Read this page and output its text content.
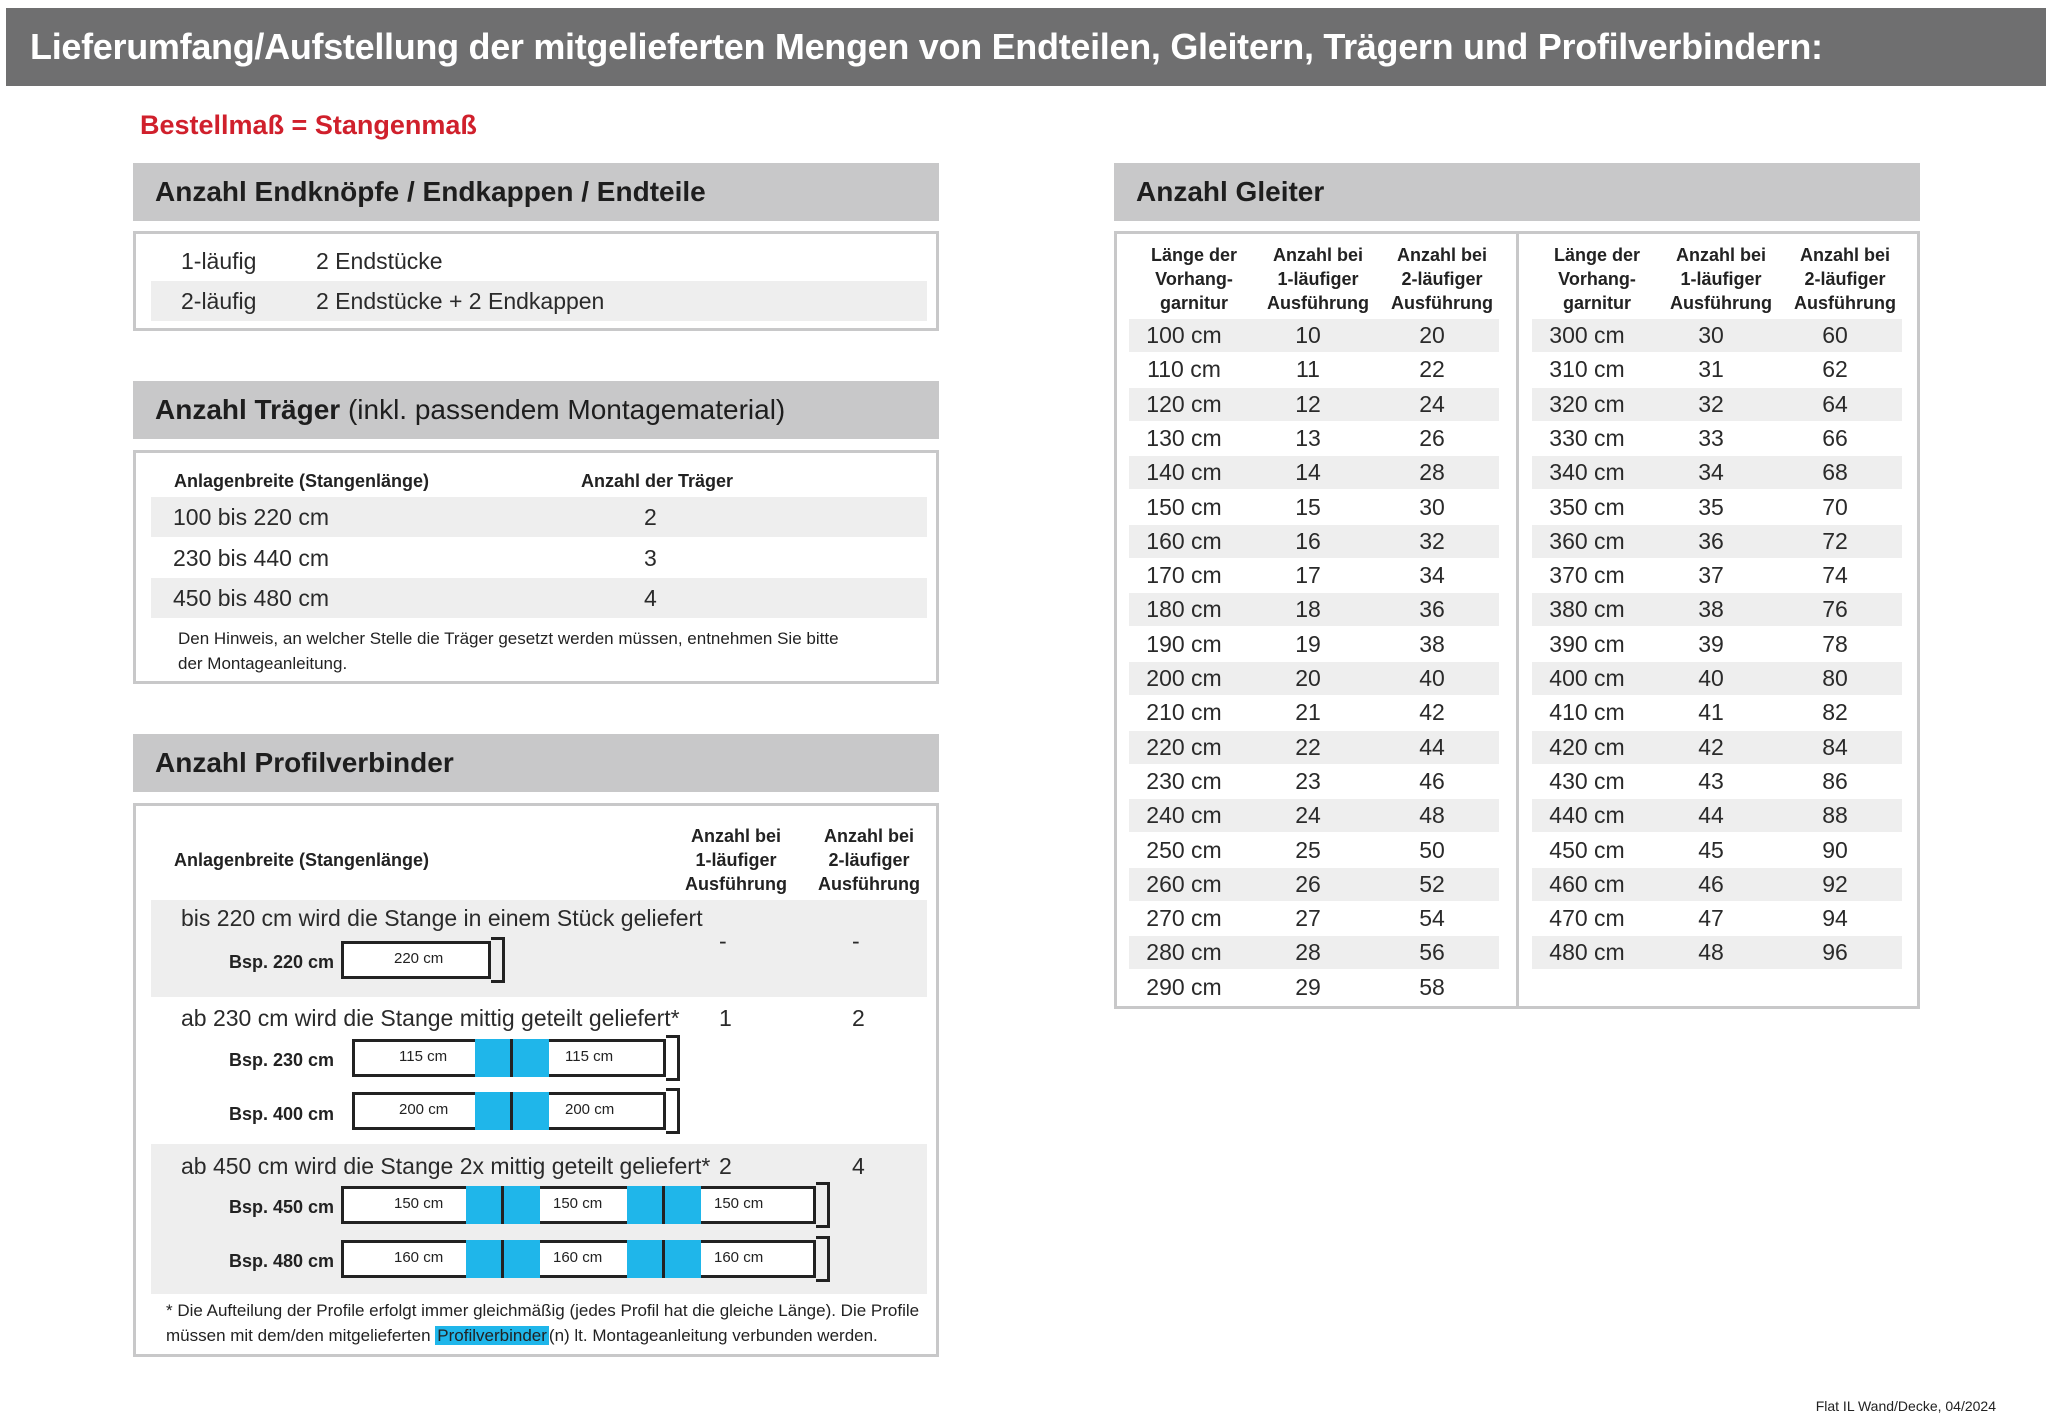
Lieferumfang/Aufstellung der mitgelieferten Mengen von Endteilen, Gleitern, Trägern und Profilverbindern:
Bestellmaß = Stangenmaß
Anzahl Endknöpfe / Endkappen / Endteile
1-läufig	2 Endstücke
2-läufig	2 Endstücke + 2 Endkappen
Anzahl Träger (inkl. passendem Montagematerial)
Anlagenbreite (Stangenlänge)	Anzahl der Träger
100 bis 220 cm	2
230 bis 440 cm	3
450 bis 480 cm	4
Den Hinweis, an welcher Stelle die Träger gesetzt werden müssen, entnehmen Sie bitte
der Montageanleitung.
Anzahl Profilverbinder
Anlagenbreite (Stangenlänge)
Anzahl bei
1-läufiger
Ausführung
Anzahl bei
2-läufiger
Ausführung
bis 220 cm wird die Stange in einem Stück geliefert
-	-
Bsp. 220 cm	220 cm
ab 230 cm wird die Stange mittig geteilt geliefert* 1	2
Bsp. 230 cm	115 cm	115 cm
Bsp. 400 cm	200 cm	200 cm
ab 450 cm wird die Stange 2x mittig geteilt geliefert* 2	4
Bsp. 450 cm	150 cm	150 cm	150 cm
Bsp. 480 cm	160 cm	160 cm	160 cm
* Die Aufteilung der Profile erfolgt immer gleichmäßig (jedes Profil hat die gleiche Länge). Die Profile
müssen mit dem/den mitgelieferten Profilverbinder (n) lt. Montageanleitung verbunden werden.
Anzahl Gleiter
Länge der
Vorhang-
garnitur
Anzahl bei
1-läufiger
Ausführung
Anzahl bei
2-läufiger
Ausführung
100 cm	10	20
110 cm	11	22
120 cm	12	24
130 cm	13	26
140 cm	14	28
150 cm	15	30
160 cm	16	32
170 cm	17	34
180 cm	18	36
190 cm	19	38
200 cm	20	40
210 cm	21	42
220 cm	22	44
230 cm	23	46
240 cm	24	48
250 cm	25	50
260 cm	26	52
270 cm	27	54
280 cm	28	56
290 cm	29	58
Länge der
Vorhang-
garnitur
Anzahl bei
1-läufiger
Ausführung
Anzahl bei
2-läufiger
Ausführung
300 cm	30	60
310 cm	31	62
320 cm	32	64
330 cm	33	66
340 cm	34	68
350 cm	35	70
360 cm	36	72
370 cm	37	74
380 cm	38	76
390 cm	39	78
400 cm	40	80
410 cm	41	82
420 cm	42	84
430 cm	43	86
440 cm	44	88
450 cm	45	90
460 cm	46	92
470 cm	47	94
480 cm	48	96
Flat IL Wand/Decke, 04/2024
